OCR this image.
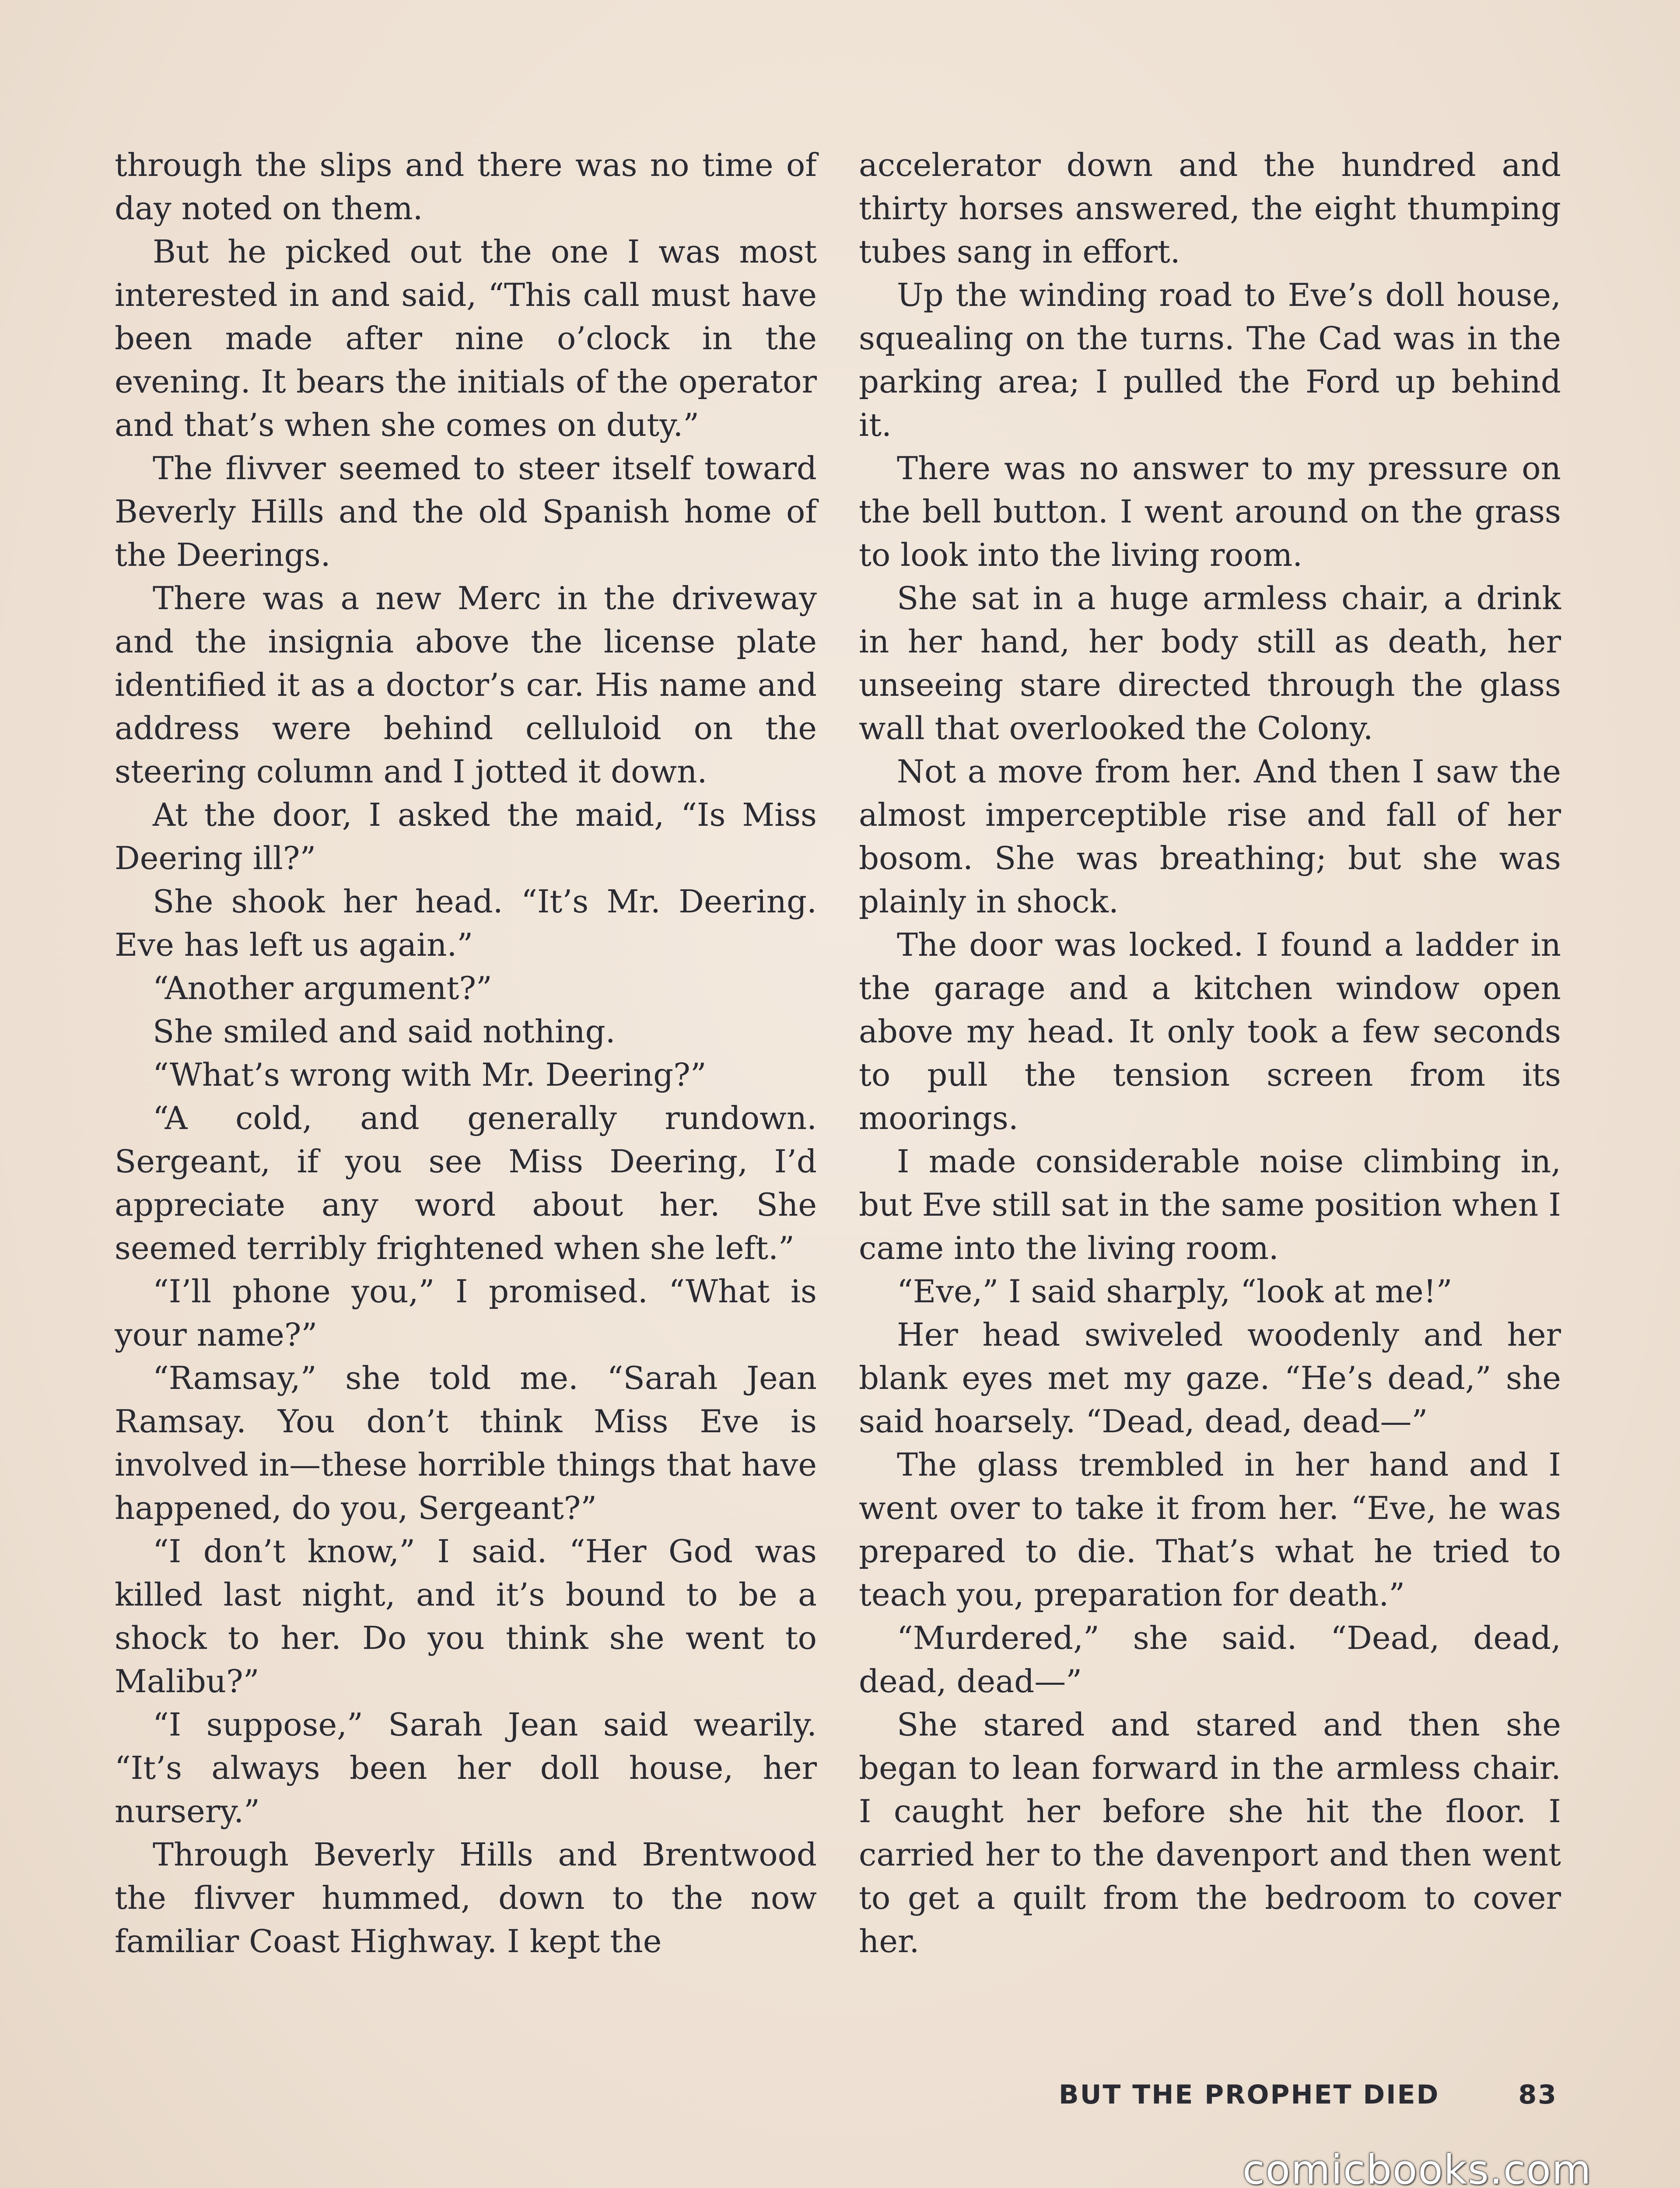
through the slips and there was no time of day noted on them.

But he picked out the one I was most interested in and said, “This call must have been made after nine o’clock in the evening. It bears the initials of the operator and that’s when she comes on duty.”

The flivver seemed to steer itself toward Beverly Hills and the old Spanish home of the Deerings.

There was a new Merc in the driveway and the insignia above the license plate identified it as a doctor’s car. His name and address were behind celluloid on the steering column and I jotted it down.

At the door, I asked the maid, “Is Miss Deering ill?”

She shook her head. “It’s Mr. Deering. Eve has left us again.”

“Another argument?”

She smiled and said nothing.

“What’s wrong with Mr. Deering?”

“A cold, and generally rundown. Sergeant, if you see Miss Deering, I’d appreciate any word about her. She seemed terribly frightened when she left.”

“I’ll phone you,” I promised. “What is your name?”

“Ramsay,” she told me. “Sarah Jean Ramsay. You don’t think Miss Eve is involved in—these horrible things that have happened, do you, Sergeant?”

“I don’t know,” I said. “Her God was killed last night, and it’s bound to be a shock to her. Do you think she went to Malibu?”

“I suppose,” Sarah Jean said wearily. “It’s always been her doll house, her nursery.”

Through Beverly Hills and Brentwood the flivver hummed, down to the now familiar Coast Highway. I kept the

accelerator down and the hundred and thirty horses answered, the eight thumping tubes sang in effort.

Up the winding road to Eve’s doll house, squealing on the turns. The Cad was in the parking area; I pulled the Ford up behind it.

There was no answer to my pressure on the bell button. I went around on the grass to look into the living room.

She sat in a huge armless chair, a drink in her hand, her body still as death, her unseeing stare directed through the glass wall that overlooked the Colony.

Not a move from her. And then I saw the almost imperceptible rise and fall of her bosom. She was breathing; but she was plainly in shock.

The door was locked. I found a ladder in the garage and a kitchen window open above my head. It only took a few seconds to pull the tension screen from its moorings.

I made considerable noise climbing in, but Eve still sat in the same position when I came into the living room.

“Eve,” I said sharply, “look at me!”

Her head swiveled woodenly and her blank eyes met my gaze. “He’s dead,” she said hoarsely. “Dead, dead, dead—”

The glass trembled in her hand and I went over to take it from her. “Eve, he was prepared to die. That’s what he tried to teach you, preparation for death.”

“Murdered,” she said. “Dead, dead, dead, dead—”

She stared and stared and then she began to lean forward in the armless chair. I caught her before she hit the floor. I carried her to the davenport and then went to get a quilt from the bedroom to cover her.

BUT THE PROPHET DIED	83
comicbooks.com
